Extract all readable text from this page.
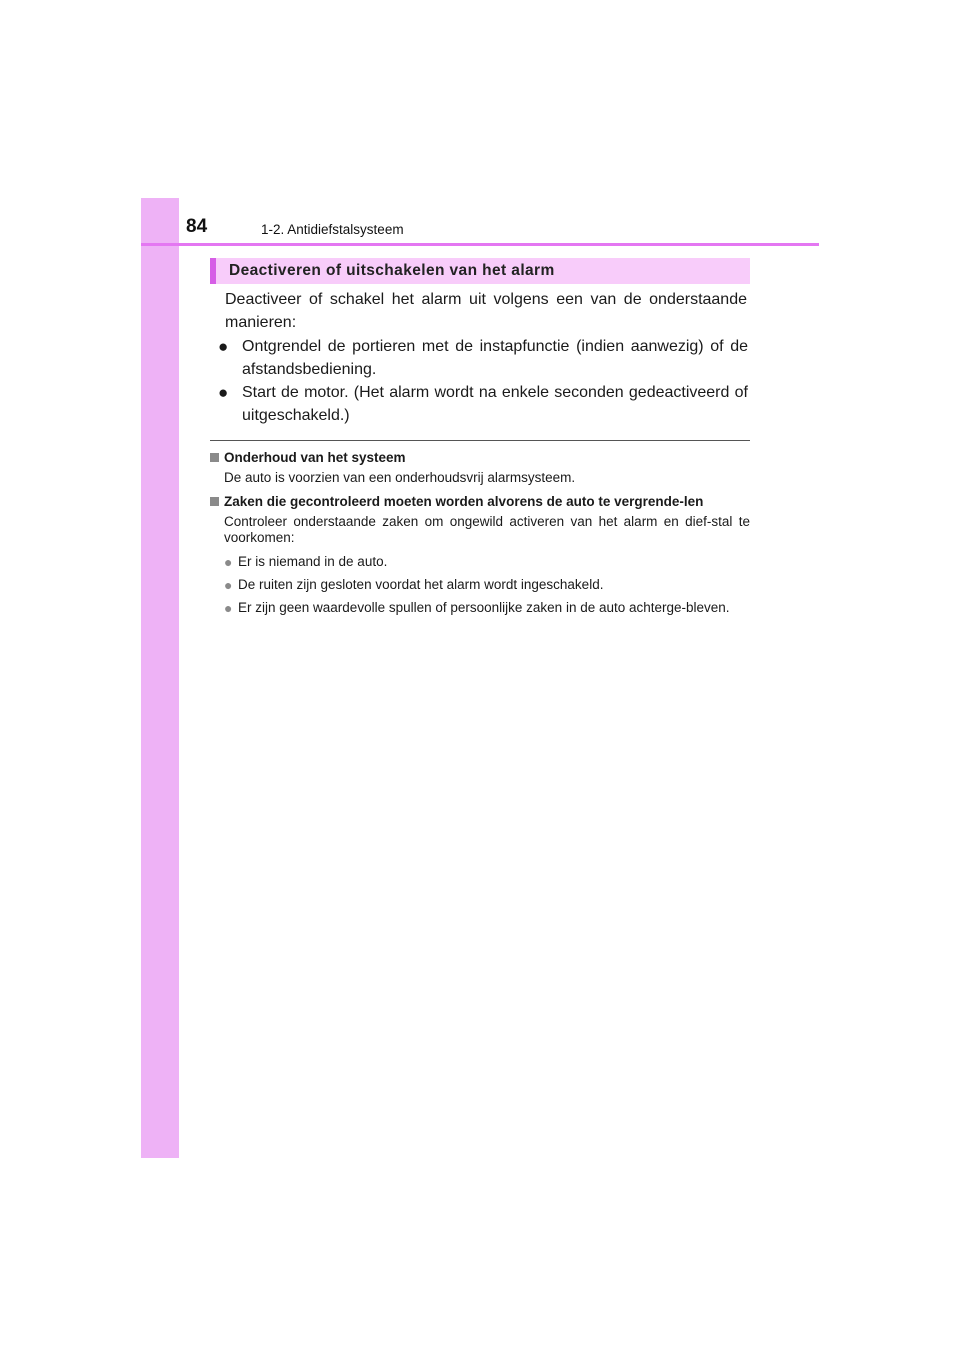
84	1-2. Antidiefstalsysteem
Deactiveren of uitschakelen van het alarm
Deactiveer of schakel het alarm uit volgens een van de onderstaande manieren:
● Ontgrendel de portieren met de instapfunctie (indien aanwezig) of de afstandsbediening.
● Start de motor. (Het alarm wordt na enkele seconden gedeactiveerd of uitgeschakeld.)
Onderhoud van het systeem
De auto is voorzien van een onderhoudsvrij alarmsysteem.
Zaken die gecontroleerd moeten worden alvorens de auto te vergrende-len
Controleer onderstaande zaken om ongewild activeren van het alarm en dief-stal te voorkomen:
● Er is niemand in de auto.
● De ruiten zijn gesloten voordat het alarm wordt ingeschakeld.
● Er zijn geen waardevolle spullen of persoonlijke zaken in de auto achterge-bleven.
